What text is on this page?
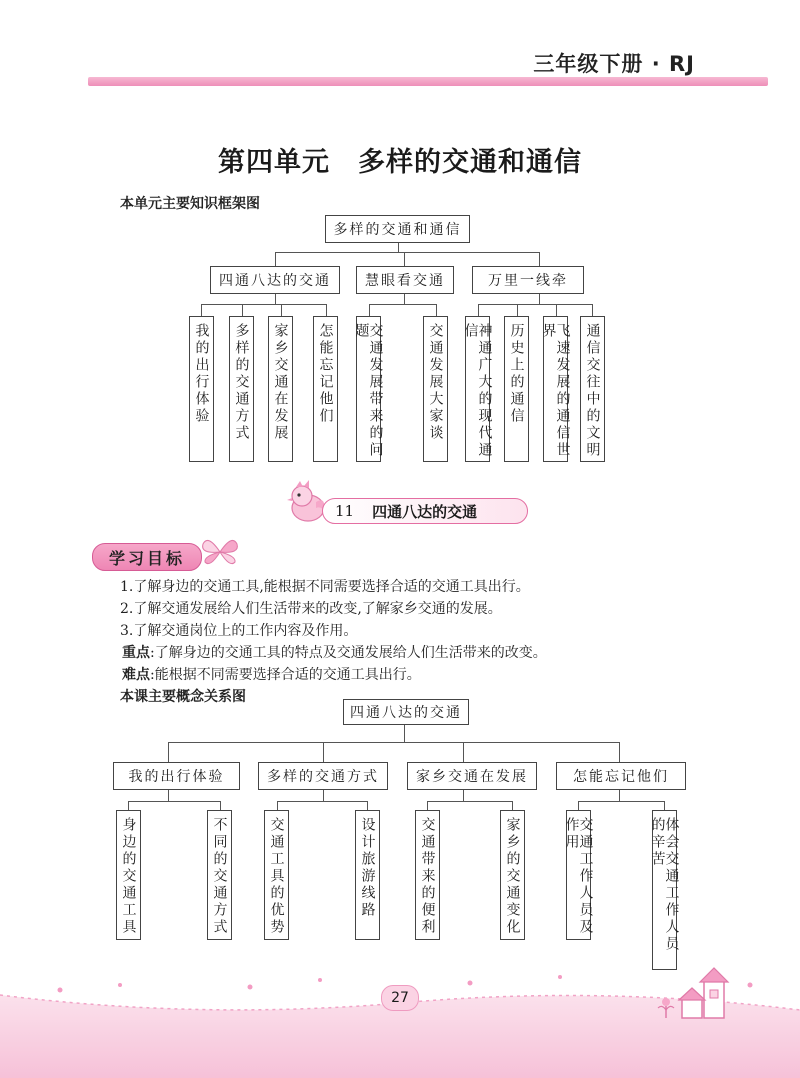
三年级下册 · RJ
第四单元　多样的交通和通信
本单元主要知识框架图
多样的交通和通信
四通八达的交通	慧眼看交通	万里一线牵
我的出行体验 多样的交通方式 家乡交通在发展 怎能忘记他们	交通发展带来的问题	交通发展大家谈	神通广大的现代通信	历史上的通信	飞速发展的通信世界	通信交往中的文明
11 四通八达的交通
学习目标
1.了解身边的交通工具,能根据不同需要选择合适的交通工具出行。
2.了解交通发展给人们生活带来的改变,了解家乡交通的发展。
3.了解交通岗位上的工作内容及作用。
重点:了解身边的交通工具的特点及交通发展给人们生活带来的改变。
难点:能根据不同需要选择合适的交通工具出行。
本课主要概念关系图
四通八达的交通
我的出行体验	多样的交通方式	家乡交通在发展	怎能忘记他们
身边的交通工具	不同的交通方式	交通工具的优势	设计旅游线路	交通带来的便利	家乡的交通变化	交通工作人员及作用	体会交通工作人员的辛苦
27
